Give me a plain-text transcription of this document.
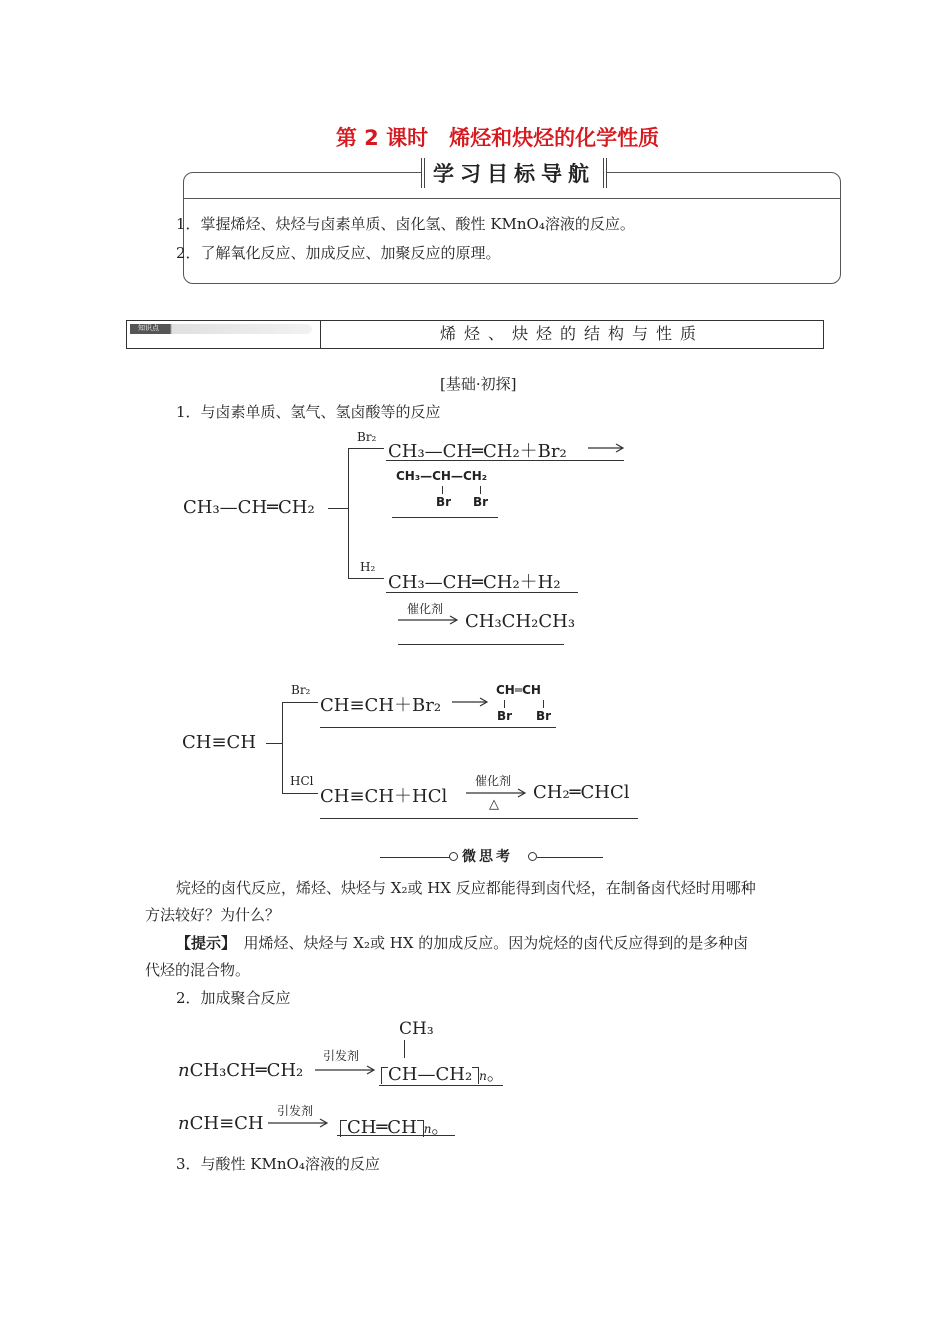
第 2 课时　烯烃和炔烃的化学性质
学习目标导航
1．掌握烯烃、炔烃与卤素单质、卤化氢、酸性 KMnO₄溶液的反应。
2．了解氧化反应、加成反应、加聚反应的原理。
知识点	烯烃、炔烃的结构与性质
[基础·初探]
1．与卤素单质、氢气、氢卤酸等的反应
CH₃—CH═CH₂
Br₂
H₂
CH₃—CH═CH₂＋Br₂ →
CH₃—CH—CH₂
Br Br
CH₃—CH═CH₂＋H₂
催化剂
→ CH₃CH₂CH₃
CH≡CH
Br₂
HCl
CH≡CH＋Br₂ →
CH═CH
Br Br
CH≡CH＋HCl
催化剂
△
CH₂═CHCl
微思考
烷烃的卤代反应，烯烃、炔烃与 X₂或 HX 反应都能得到卤代烃，在制备卤代烃时用哪种
方法较好？为什么？
【提示】　用烯烃、炔烃与 X₂或 HX 的加成反应。因为烷烃的卤代反应得到的是多种卤
代烃的混合物。
2．加成聚合反应
CH₃
nCH₃CH═CH₂
引发剂
→ CH—CH₂ n。
nCH≡CH
引发剂
→ CH═CH n。
3．与酸性 KMnO₄溶液的反应
